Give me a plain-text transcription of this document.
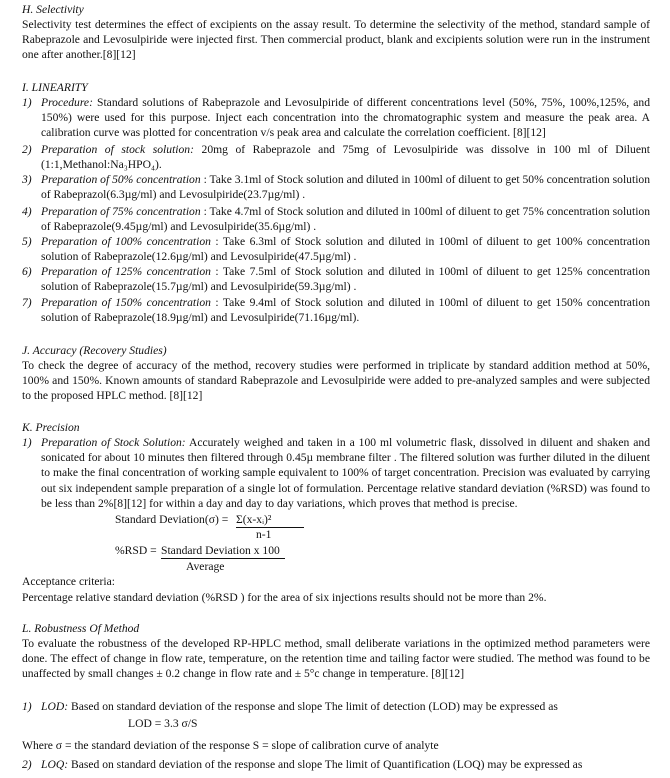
H. Selectivity
Selectivity test determines the effect of excipients on the assay result. To determine the selectivity of the method, standard sample of Rabeprazole and Levosulpiride were injected first. Then commercial product, blank and excipients solution were run in the instrument one after another.[8][12]
I. LINEARITY
1) Procedure: Standard solutions of Rabeprazole and Levosulpiride of different concentrations level (50%, 75%, 100%,125%, and 150%) were used for this purpose. Inject each concentration into the chromatographic system and measure the peak area. A calibration curve was plotted for concentration v/s peak area and calculate the correlation coefficient. [8][12]
2) Preparation of stock solution: 20mg of Rabeprazole and 75mg of Levosulpiride was dissolve in 100 ml of Diluent (1:1,Methanol:Na₃HPO₄).
3) Preparation of 50% concentration : Take 3.1ml of Stock solution and diluted in 100ml of diluent to get 50% concentration solution of Rabeprazol(6.3µg/ml) and Levosulpiride(23.7µg/ml) .
4) Preparation of 75% concentration : Take 4.7ml of Stock solution and diluted in 100ml of diluent to get 75% concentration solution of Rabeprazole(9.45µg/ml) and Levosulpiride(35.6µg/ml) .
5) Preparation of 100% concentration : Take 6.3ml of Stock solution and diluted in 100ml of diluent to get 100% concentration solution of Rabeprazole(12.6µg/ml) and Levosulpiride(47.5µg/ml) .
6) Preparation of 125% concentration : Take 7.5ml of Stock solution and diluted in 100ml of diluent to get 125% concentration solution of Rabeprazole(15.7µg/ml) and Levosulpiride(59.3µg/ml) .
7) Preparation of 150% concentration : Take 9.4ml of Stock solution and diluted in 100ml of diluent to get 150% concentration solution of Rabeprazole(18.9µg/ml) and Levosulpiride(71.16µg/ml).
J. Accuracy (Recovery Studies)
To check the degree of accuracy of the method, recovery studies were performed in triplicate by standard addition method at 50%, 100% and 150%. Known amounts of standard Rabeprazole and Levosulpiride were added to pre-analyzed samples and were subjected to the proposed HPLC method. [8][12]
K. Precision
1) Preparation of Stock Solution: Accurately weighed and taken in a 100 ml volumetric flask, dissolved in diluent and shaken and sonicated for about 10 minutes then filtered through 0.45µ membrane filter . The filtered solution was further diluted in the diluent to make the final concentration of working sample equivalent to 100% of target concentration. Precision was evaluated by carrying out six independent sample preparation of a single lot of formulation. Percentage relative standard deviation (%RSD) was found to be less than 2%[8][12] for within a day and day to day variations, which proves that method is precise.
Standard Deviation(σ) = Σ(x-xᵢ)²
n-1
%RSD = Standard Deviation x 100
Average
Acceptance criteria:
Percentage relative standard deviation (%RSD ) for the area of six injections results should not be more than 2%.
L. Robustness Of Method
To evaluate the robustness of the developed RP-HPLC method, small deliberate variations in the optimized method parameters were done. The effect of change in flow rate, temperature, on the retention time and tailing factor were studied. The method was found to be unaffected by small changes ± 0.2 change in flow rate and ± 5°c change in temperature. [8][12]
1) LOD: Based on standard deviation of the response and slope The limit of detection (LOD) may be expressed as
LOD = 3.3 σ/S
Where σ = the standard deviation of the response S = slope of calibration curve of analyte
2) LOQ: Based on standard deviation of the response and slope The limit of Quantification (LOQ) may be expressed as
